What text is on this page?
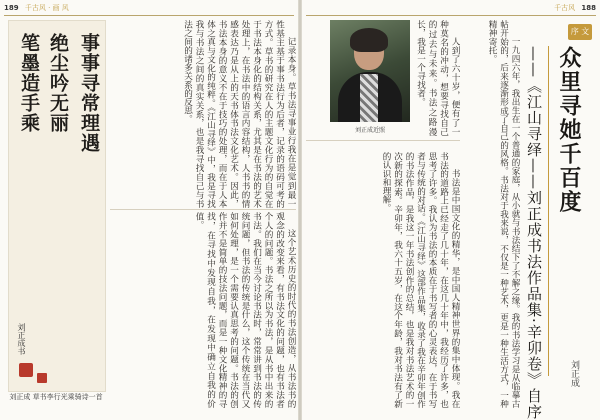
189 千古风 · 画 风	千古风 188
事事寻常理遇
绝尘吟无丽
笔墨造手乘
刘正成书
刘正成 草书李行光乘骑诗一首

记录本身。草书法寻事业行我在是觉到最一性基主基于事书法行为后者，记录的语码可考的方式。草书的研究在人的主题文化行为的自觉在于书法本身化的结构关系，尤其是在书法的艺术处理上，在书法中的语言内容结构，人书书的情感表达乃是从上的天书体书法文化艺术。因此，书法本身的意义不在于技巧的处理，而在于人本体之真与文化的纯粹。《江山寻绎》中，我是寻找我与书法之间的真实关系，也是我寻找自己与书法之间的诸多关系的反思。

这个艺术历史的时代的书法创造，从书法书的观念的改变来看，有书法文化的问题，也有书法者个人的问题。书法之所以为书法，是从书中出来的书法。我们在当今讨论书法时，常常讲到书法的传统问题，但书法的传统是什么，这个传统在当代又如何处理，是一个需要认真思考的问题。书法的创作并不是简单的技法问题，而是一种文化精神的寻找，在寻找中发现自我，在发现中确立自我的价值。

刘正成近照	人到了六十岁，便有了一种莫名的冲动，想要寻找自己的过去与未来。书法之路漫长，我是一个寻找者。

书法是中国文化的精华，是中国人精神世界的集中体现。我在书法的道路上已经走了几十年，在这几十年中，我经历了许多，也思考了许多。我认为书法的本质在于书写者的心灵表达，在于书写者与传统的对话。《江山寻绎》这部作品集，收录了我在辛卯年创作的书法作品，是我这一年书法创作的总结，也是我对书法艺术的一次新的探索。辛卯年，我六十五岁，在这个年龄，我对书法有了新的认识和理解。	一九四六年，我出生在一个普通的家庭，从小就与书法结下了不解之缘。我的书法学习是从临摹古帖开始的，后来逐渐形成了自己的风格。书法对于我来说，不仅是一种艺术，更是一种生活方式，一种精神寄托。	序 文
众里寻她千百度
——《江山寻绎——刘正成书法作品集·辛卯卷》自序	刘正成
